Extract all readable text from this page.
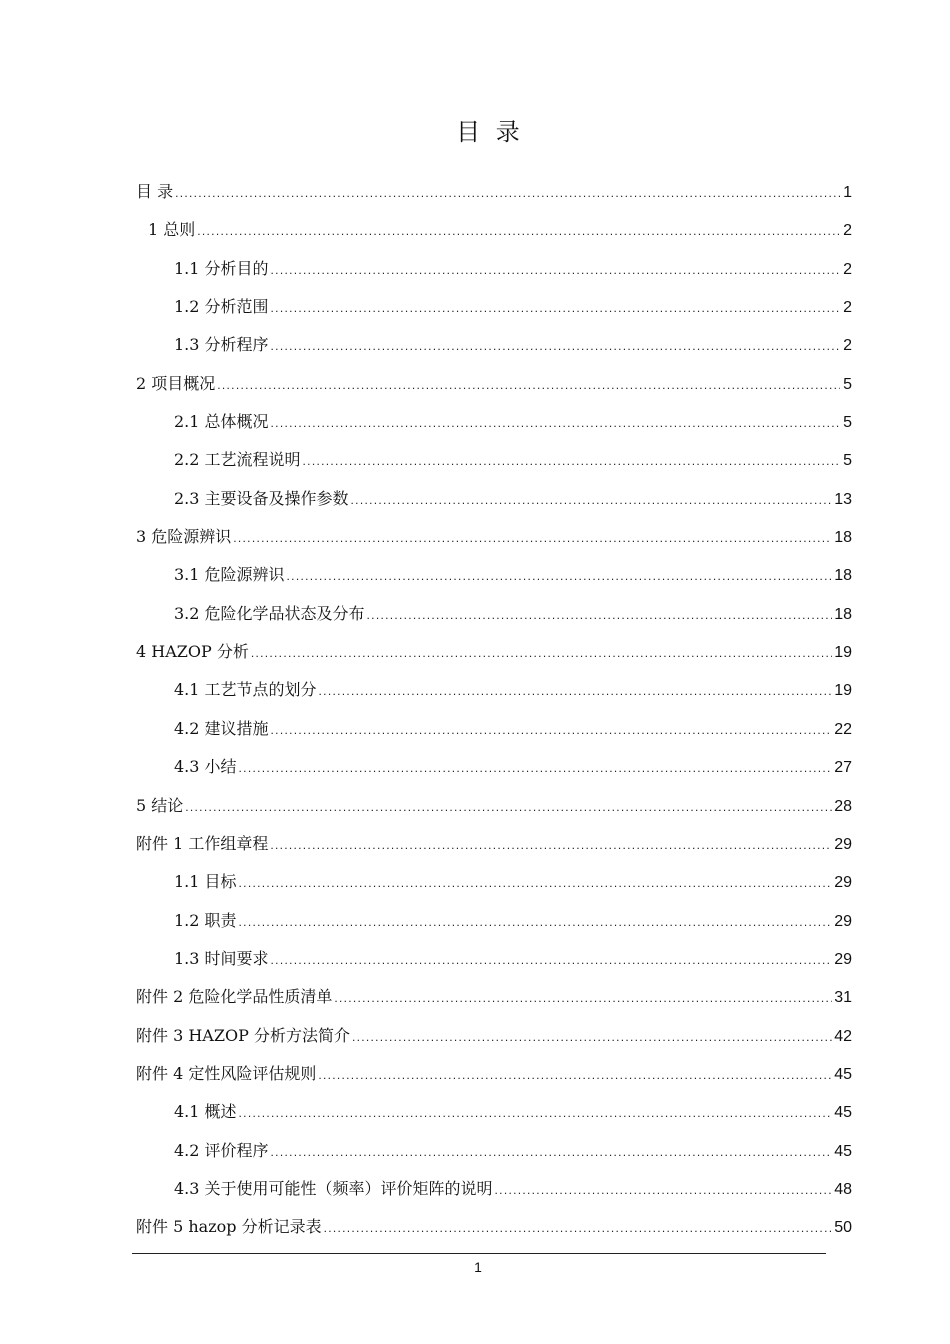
目 录
目 录 .....	1
1 总则 .....	2
1.1 分析目的 .....	2
1.2 分析范围 .....	2
1.3 分析程序 .....	2
2 项目概况 .....	5
2.1 总体概况 .....	5
2.2 工艺流程说明 .....	5
2.3 主要设备及操作参数 .....	13
3 危险源辨识 .....	18
3.1 危险源辨识 .....	18
3.2 危险化学品状态及分布 .....	18
4 HAZOP 分析 .....	19
4.1 工艺节点的划分 .....	19
4.2 建议措施 .....	22
4.3 小结 .....	27
5 结论 .....	28
附件 1 工作组章程 .....	29
1.1 目标 .....	29
1.2 职责 .....	29
1.3 时间要求 .....	29
附件 2 危险化学品性质清单 .....	31
附件 3 HAZOP 分析方法简介 .....	42
附件 4 定性风险评估规则 .....	45
4.1 概述 .....	45
4.2 评价程序 .....	45
4.3 关于使用可能性（频率）评价矩阵的说明 .....	48
附件 5 hazop 分析记录表 .....	50
1
